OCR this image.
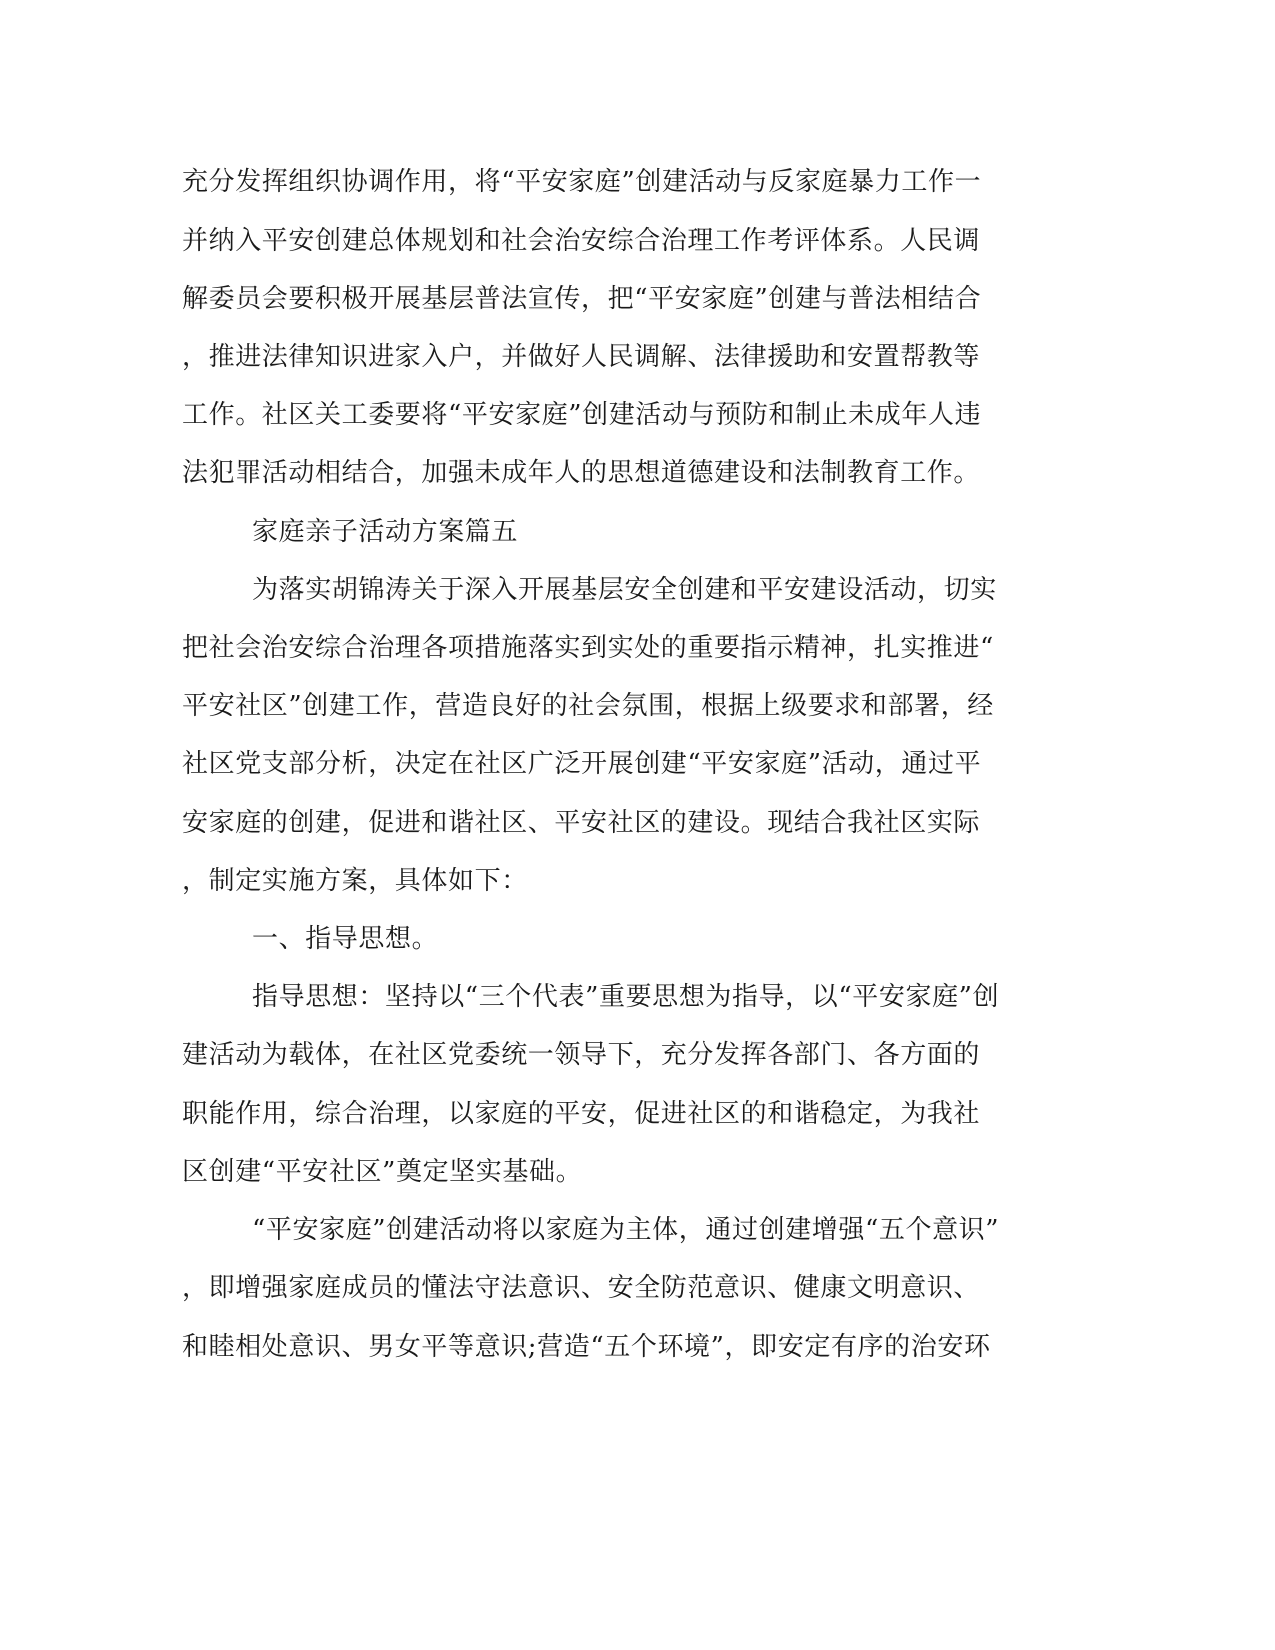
充分发挥组织协调作用，将“平安家庭”创建活动与反家庭暴力工作一
并纳入平安创建总体规划和社会治安综合治理工作考评体系。人民调
解委员会要积极开展基层普法宣传，把“平安家庭”创建与普法相结合
，推进法律知识进家入户，并做好人民调解、法律援助和安置帮教等
工作。社区关工委要将“平安家庭”创建活动与预防和制止未成年人违
法犯罪活动相结合，加强未成年人的思想道德建设和法制教育工作。
家庭亲子活动方案篇五
为落实胡锦涛关于深入开展基层安全创建和平安建设活动，切实
把社会治安综合治理各项措施落实到实处的重要指示精神，扎实推进“
平安社区”创建工作，营造良好的社会氛围，根据上级要求和部署，经
社区党支部分析，决定在社区广泛开展创建“平安家庭”活动，通过平
安家庭的创建，促进和谐社区、平安社区的建设。现结合我社区实际
，制定实施方案，具体如下：
一、指导思想。
指导思想：坚持以“三个代表”重要思想为指导，以“平安家庭”创
建活动为载体，在社区党委统一领导下，充分发挥各部门、各方面的
职能作用，综合治理，以家庭的平安，促进社区的和谐稳定，为我社
区创建“平安社区”奠定坚实基础。
“平安家庭”创建活动将以家庭为主体，通过创建增强“五个意识”
，即增强家庭成员的懂法守法意识、安全防范意识、健康文明意识、
和睦相处意识、男女平等意识;营造“五个环境”，即安定有序的治安环
